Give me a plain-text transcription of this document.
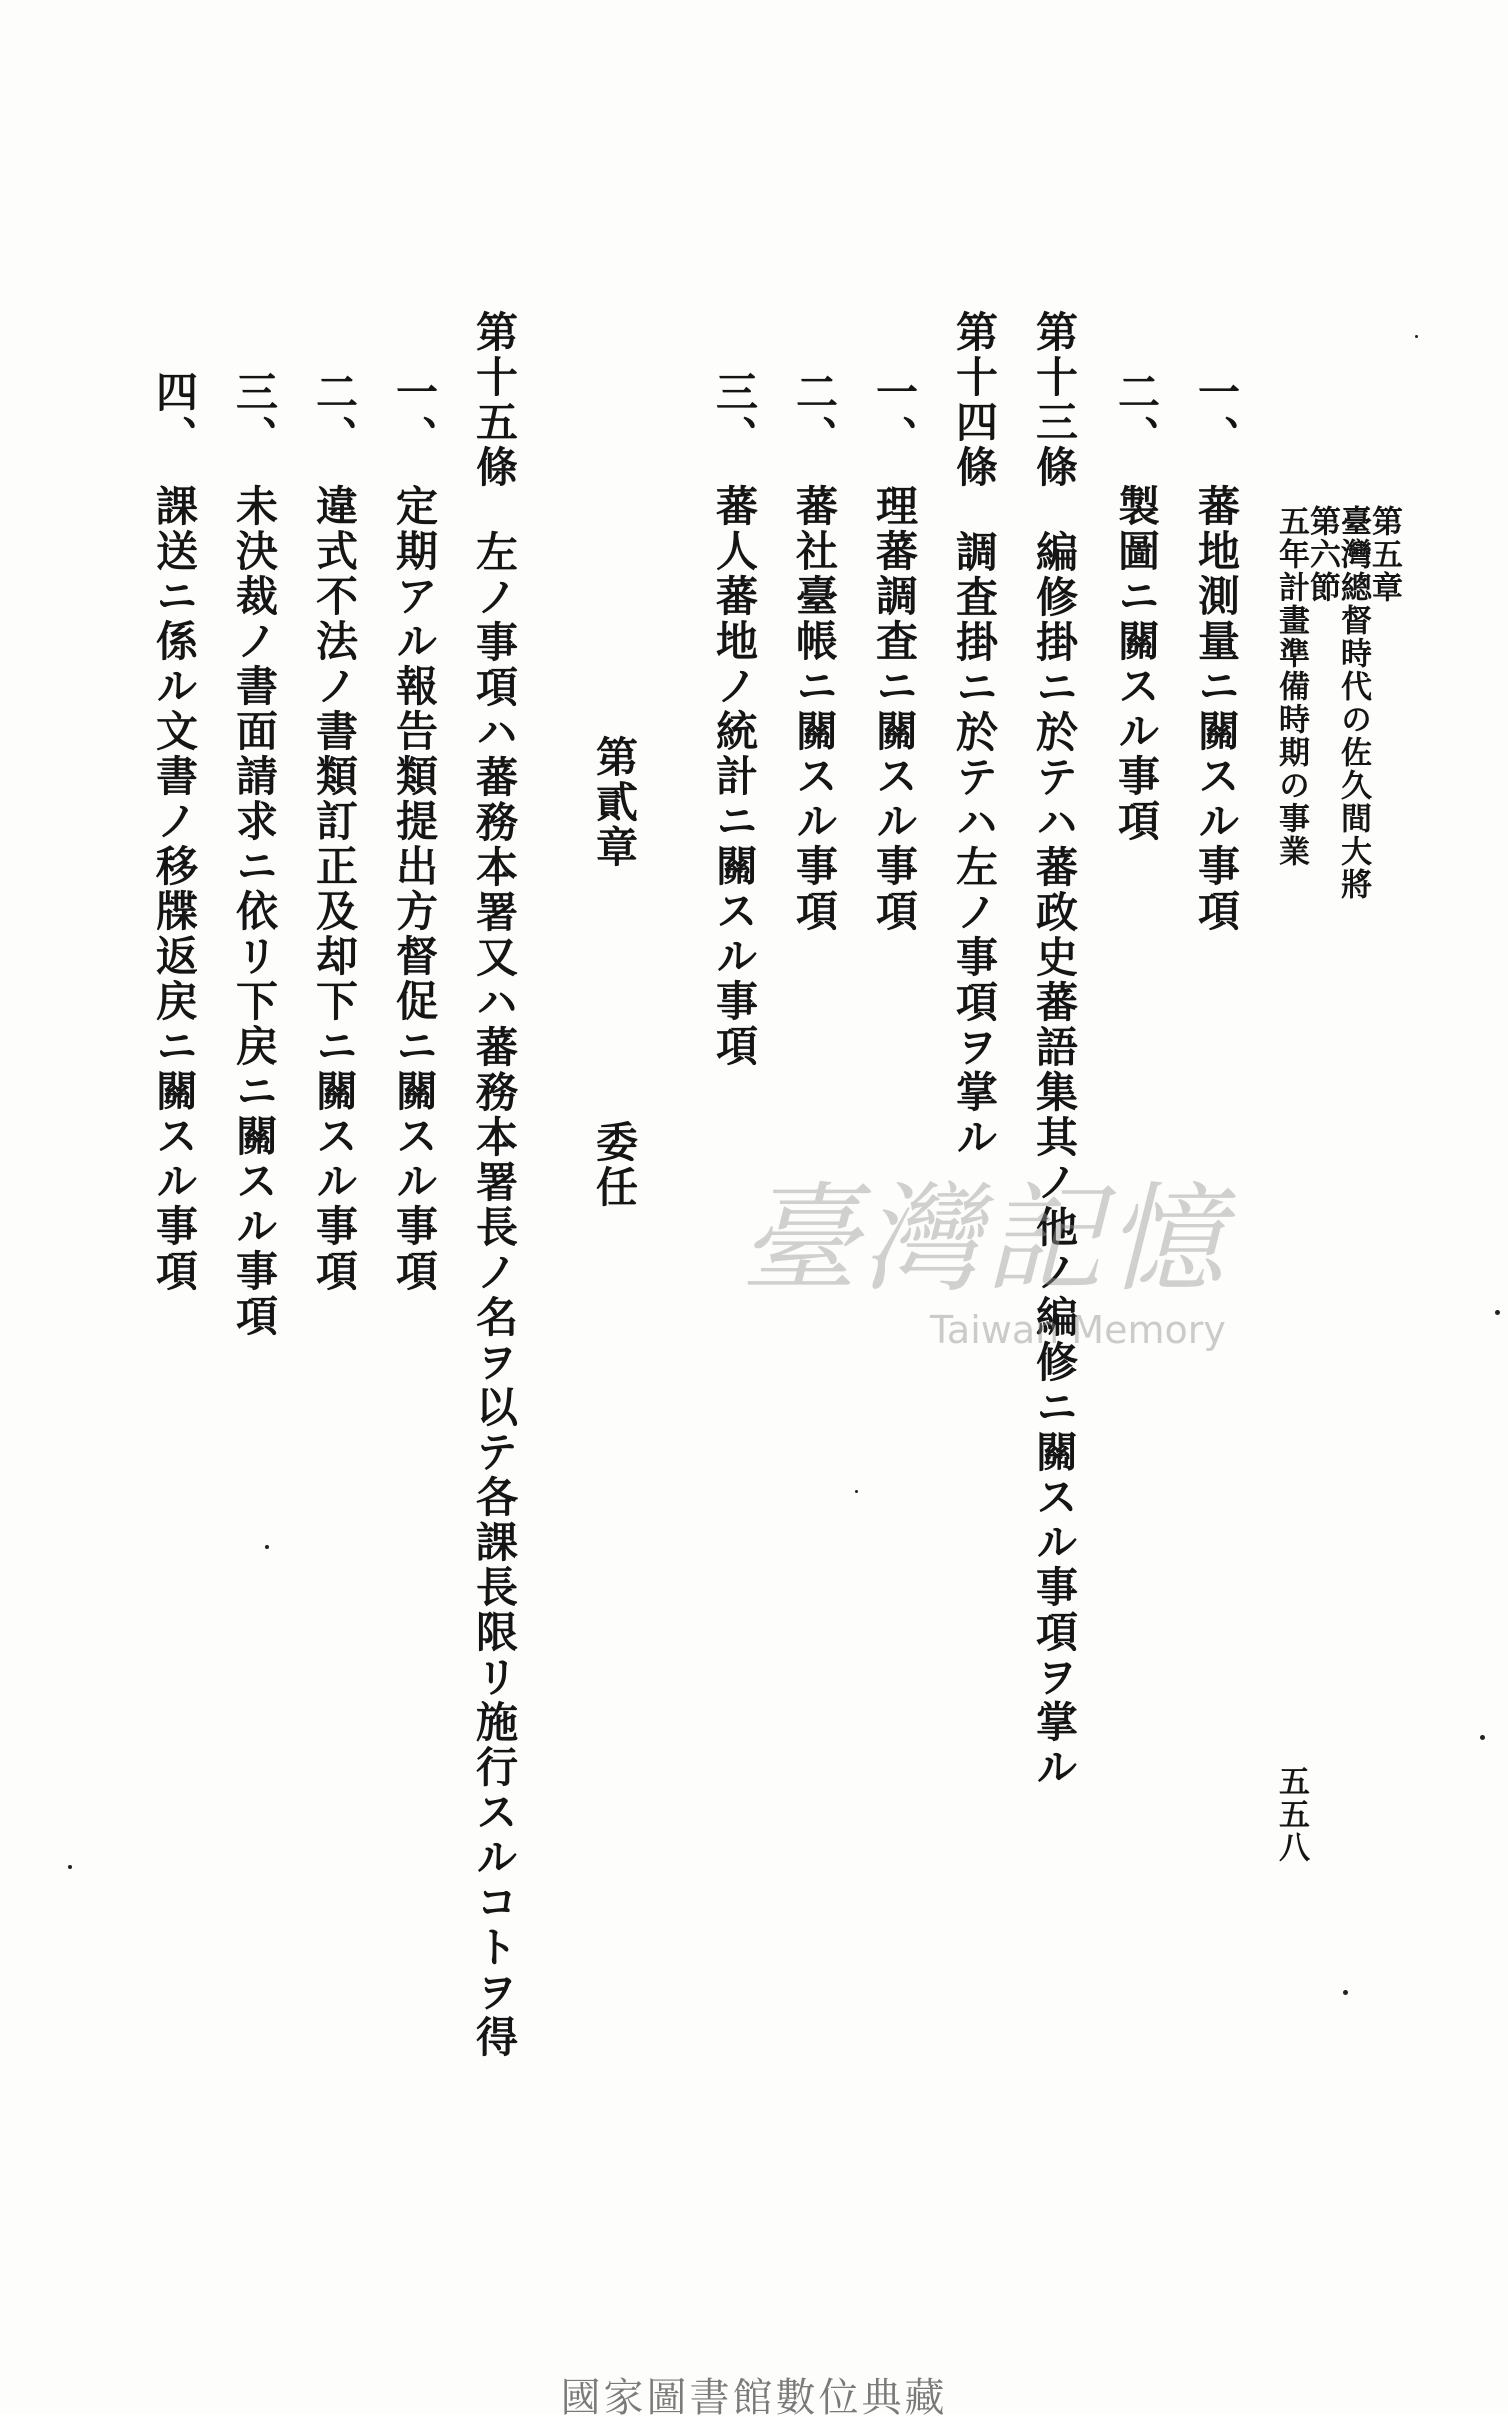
第五章
臺灣總督時代の佐久間大將
第六節
五年計畫準備時期の事業
五五八
一、蕃地測量ニ關スル事項
二、製圖ニ關スル事項
第十三條編修掛ニ於テハ蕃政史蕃語集其ノ他ノ編修ニ關スル事項ヲ掌ル
第十四條調査掛ニ於テハ左ノ事項ヲ掌ル
一、理蕃調査ニ關スル事項
二、蕃社臺帳ニ關スル事項
三、蕃人蕃地ノ統計ニ關スル事項
第貳章委任
第十五條左ノ事項ハ蕃務本署又ハ蕃務本署長ノ名ヲ以テ各課長限リ施行スルコトヲ得
一、定期アル報告類提出方督促ニ關スル事項
二、違式不法ノ書類訂正及却下ニ關スル事項
三、未決裁ノ書面請求ニ依リ下戻ニ關スル事項
四、課送ニ係ル文書ノ移牒返戻ニ關スル事項	臺灣記憶
Taiwan Memory
國家圖書館數位典藏
